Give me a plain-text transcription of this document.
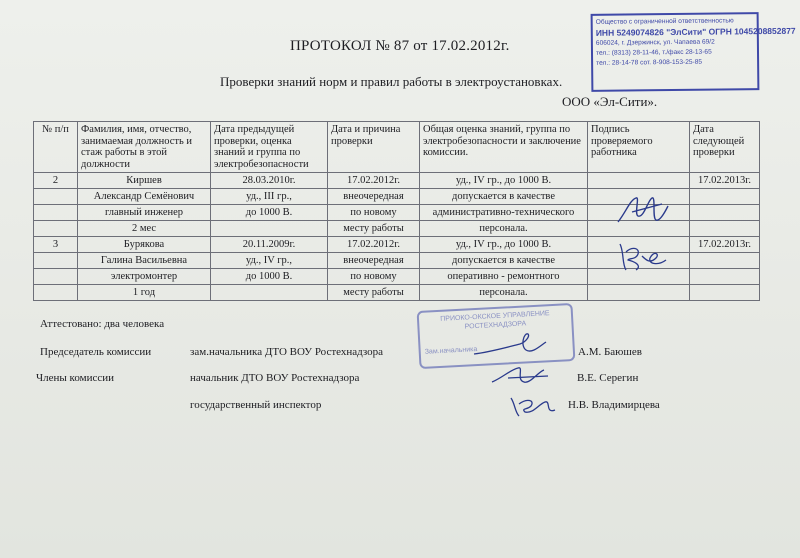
Общество с ограниченной ответственностью
ИНН 5249074826 "ЭлСити" ОГРН 1045208852877
606024, г. Дзержинск, ул. Чапаева 69/2
тел.: (8313) 28-11-46, т./факс 28-13-65
тел.: 28-14-78 сот. 8-908-153-25-85
ПРОТОКОЛ № 87 от 17.02.2012г.
Проверки знаний норм и правил работы в электроустановках.
ООО «Эл-Сити».
№ п/п	Фамилия, имя, отчество, занимаемая должность и стаж работы в этой должности	Дата предыдущей проверки, оценка знаний и группа по электробезопасности	Дата и причина проверки	Общая оценка знаний, группа по электробезопасности и заключение комиссии.	Подпись проверяемого работника	Дата следующей проверки
2	Киршев	28.03.2010г.	17.02.2012г.	уд., IV гр., до 1000 В.		17.02.2013г.
	Александр Семёнович	уд., III гр.,	внеочередная	допускается в качестве		
	главный инженер	до 1000 В.	по новому	административно-технического		
	2 мес		месту работы	персонала.		
3	Бурякова	20.11.2009г.	17.02.2012г.	уд., IV гр., до 1000 В.		17.02.2013г.
	Галина Васильевна	уд., IV гр.,	внеочередная	допускается в качестве		
	электромонтер	до 1000 В.	по новому	оперативно - ремонтного		
	1 год		месту работы	персонала.		
Аттестовано: два человека
Председатель комиссии	зам.начальника ДТО ВОУ Ростехнадзора	А.М. Баюшев
Члены комиссии	начальник ДТО ВОУ Ростехнадзора	В.Е. Серегин
государственный инспектор	Н.В. Владимирцева
ПРИОКО-ОКСКОЕ УПРАВЛЕНИЕ
РОСТЕХНАДЗОРА
Зам.начальника
